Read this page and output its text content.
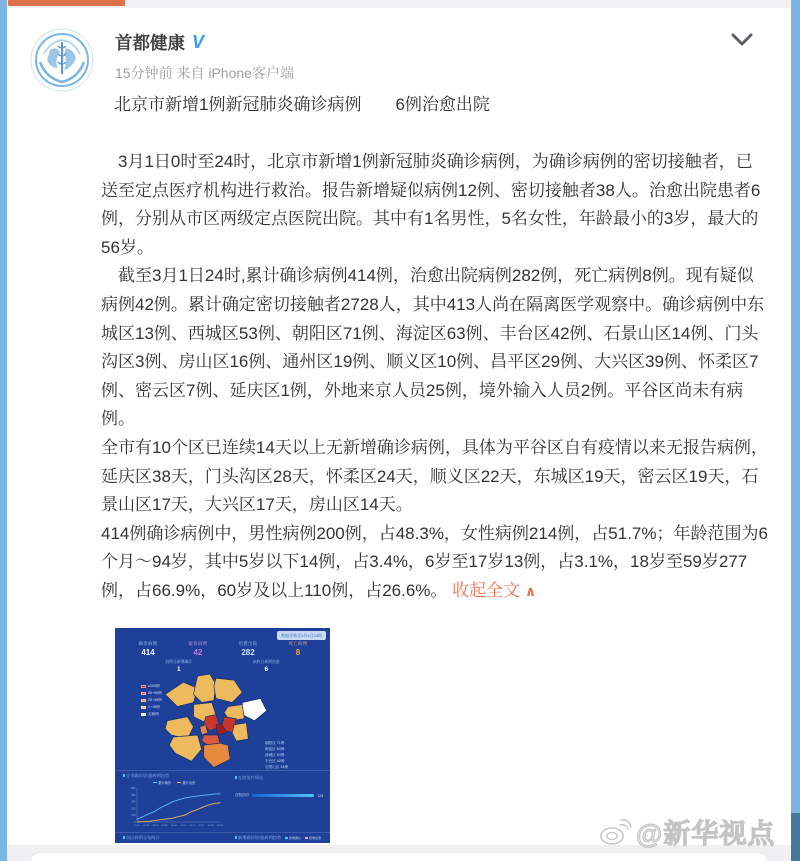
首都健康 V
15分钟前 来自 iPhone客户端
北京市新增1例新冠肺炎确诊病例　　6例治愈出院

　3月1日0时至24时，北京市新增1例新冠肺炎确诊病例，为确诊病例的密切接触者，已送至定点医疗机构进行救治。报告新增疑似病例12例、密切接触者38人。治愈出院患者6例，分别从市区两级定点医院出院。其中有1名男性，5名女性，年龄最小的3岁，最大的56岁。

　截至3月1日24时,累计确诊病例414例，治愈出院病例282例，死亡病例8例。现有疑似病例42例。累计确定密切接触者2728人，其中413人尚在隔离医学观察中。确诊病例中东城区13例、西城区53例、朝阳区71例、海淀区63例、丰台区42例、石景山区14例、门头沟区3例、房山区16例、通州区19例、顺义区10例、昌平区29例、大兴区39例、怀柔区7例、密云区7例、延庆区1例，外地来京人员25例，境外输入人员2例。平谷区尚未有病例。

全市有10个区已连续14天以上无新增确诊病例，具体为平谷区自有疫情以来无报告病例，延庆区38天，门头沟区28天，怀柔区24天，顺义区22天，东城区19天，密云区19天，石景山区17天，大兴区17天，房山区14天。

414例确诊病例中，男性病例200例，占48.3%，女性病例214例，占51.7%；年龄范围为6个月～94岁，其中5岁以下14例，占3.4%，6岁至17岁13例，占3.1%，18岁至59岁277例，占66.9%，60岁及以上110例，占26.6%。 收起全文 ∧

数据更新至3月1日24时
确诊病例
414
疑似病例
42
治愈出院
282
死亡病例
8
较昨日新增确诊
1
较昨日新增治愈
6
≥100例
50~99例
20~49例
1~19例
无病例
朝阳区 71例
海淀区 63例
西城区 53例
丰台区 42例
石景山区 14例
全市确诊/治愈病例趋势
累计确诊	累计治愈
0
100
200
300
400
500
01.24	01.28	02.01	02.05	02.09	02.13	02.17	02.21	02.25	02.29
在院治疗情况
在院治疗	124
各区病例分布统计	新增确诊/治愈病例趋势	新增确诊	新增治愈	@新华视点
